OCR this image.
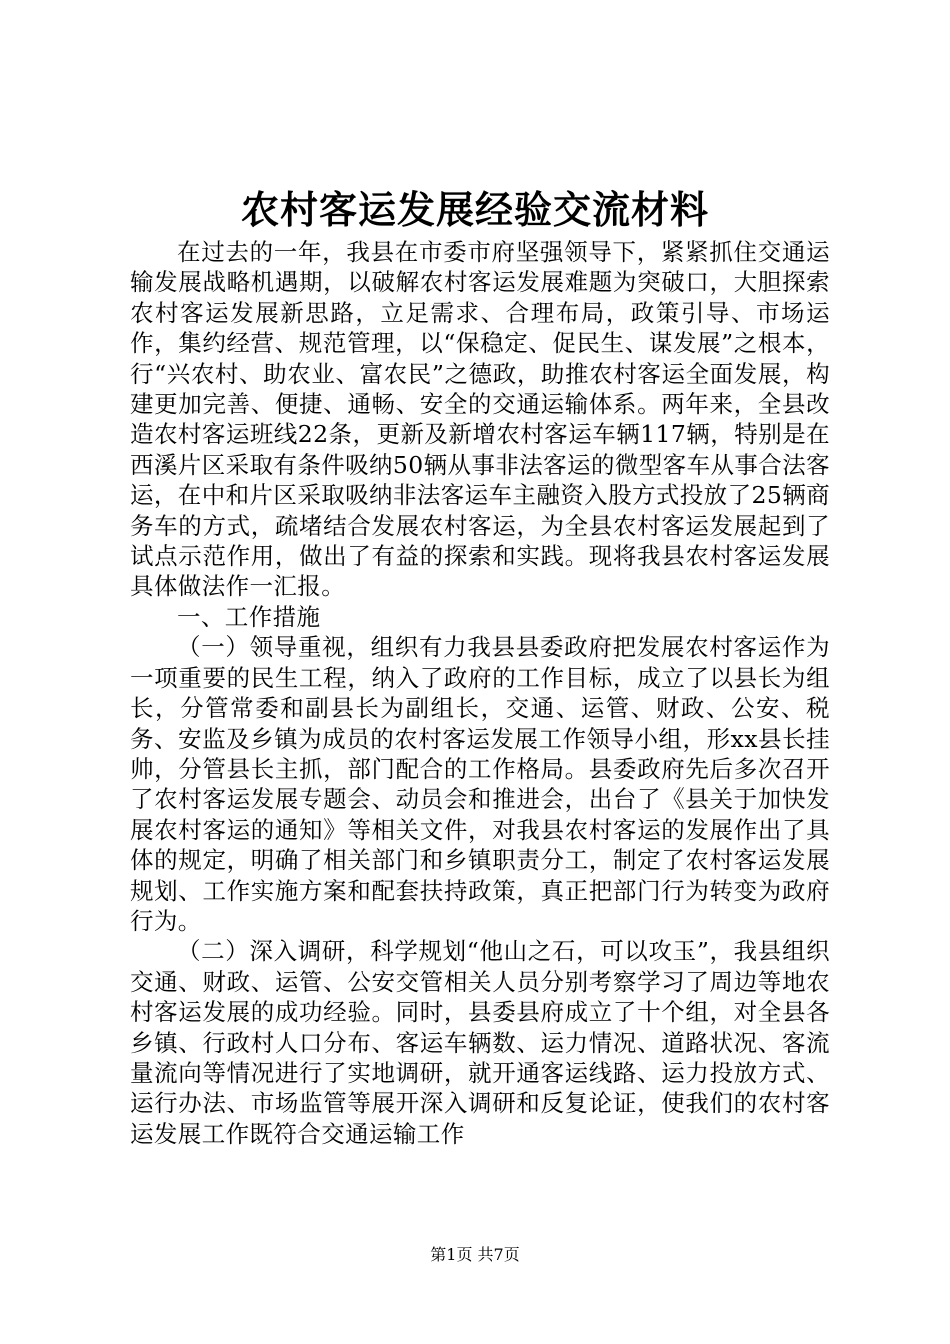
农村客运发展经验交流材料

在过去的一年，我县在市委市府坚强领导下，紧紧抓住交通运输发展战略机遇期，以破解农村客运发展难题为突破口，大胆探索农村客运发展新思路，立足需求、合理布局，政策引导、市场运作，集约经营、规范管理，以“保稳定、促民生、谋发展”之根本，行“兴农村、助农业、富农民”之德政，助推农村客运全面发展，构建更加完善、便捷、通畅、安全的交通运输体系。两年来，全县改造农村客运班线22条，更新及新增农村客运车辆117辆，特别是在西溪片区采取有条件吸纳50辆从事非法客运的微型客车从事合法客运，在中和片区采取吸纳非法客运车主融资入股方式投放了25辆商务车的方式，疏堵结合发展农村客运，为全县农村客运发展起到了试点示范作用，做出了有益的探索和实践。现将我县农村客运发展具体做法作一汇报。

一、工作措施

（一）领导重视，组织有力我县县委政府把发展农村客运作为一项重要的民生工程，纳入了政府的工作目标，成立了以县长为组长，分管常委和副县长为副组长，交通、运管、财政、公安、税务、安监及乡镇为成员的农村客运发展工作领导小组，形xx县长挂帅，分管县长主抓，部门配合的工作格局。县委政府先后多次召开了农村客运发展专题会、动员会和推进会，出台了《县关于加快发展农村客运的通知》等相关文件，对我县农村客运的发展作出了具体的规定，明确了相关部门和乡镇职责分工，制定了农村客运发展规划、工作实施方案和配套扶持政策，真正把部门行为转变为政府行为。

（二）深入调研，科学规划“他山之石，可以攻玉”，我县组织交通、财政、运管、公安交管相关人员分别考察学习了周边等地农村客运发展的成功经验。同时，县委县府成立了十个组，对全县各乡镇、行政村人口分布、客运车辆数、运力情况、道路状况、客流量流向等情况进行了实地调研，就开通客运线路、运力投放方式、运行办法、市场监管等展开深入调研和反复论证，使我们的农村客运发展工作既符合交通运输工作

第1页 共7页
